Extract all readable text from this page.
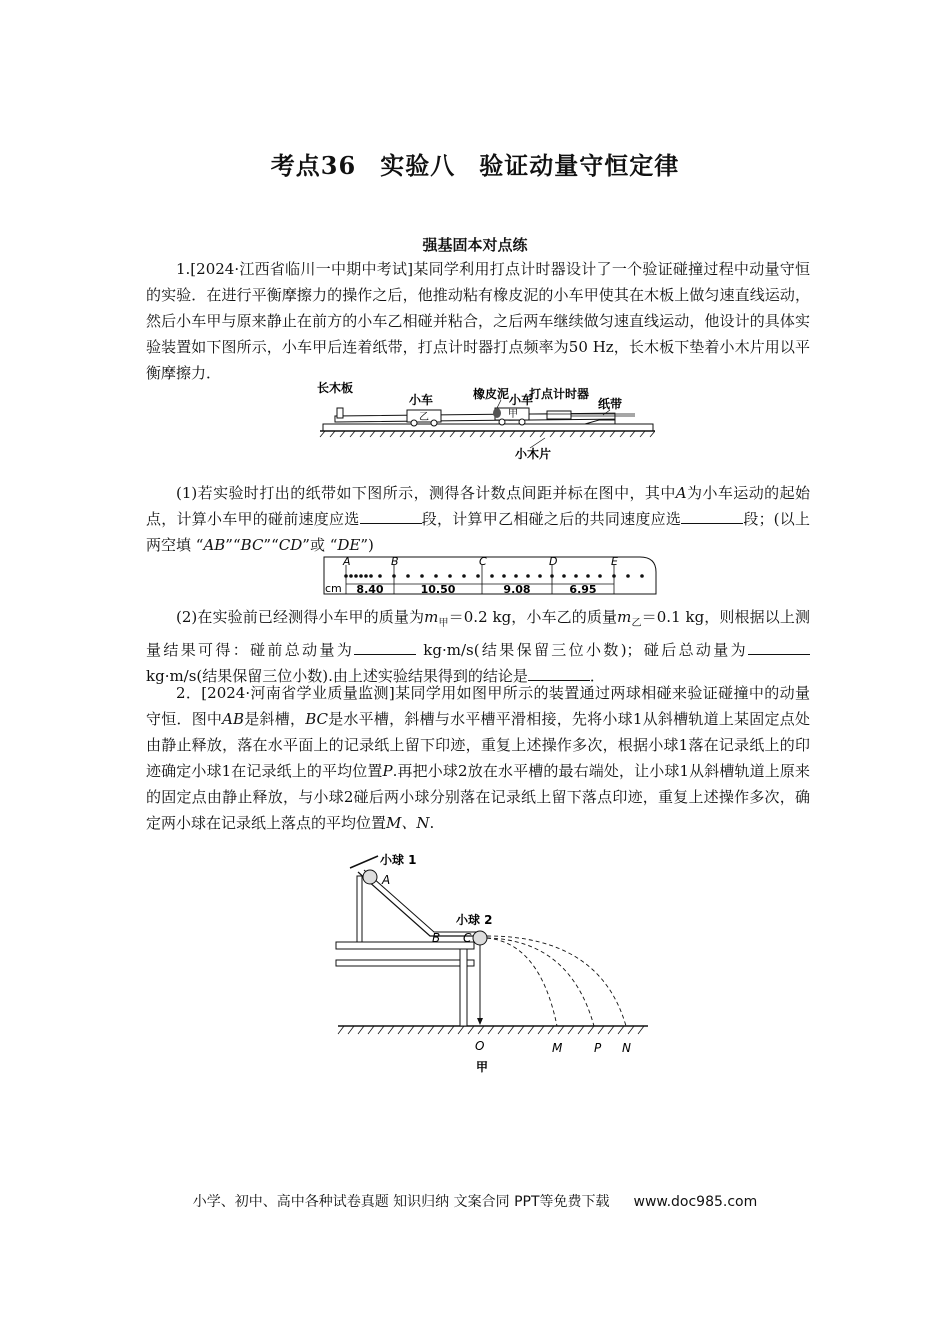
考点36 实验八 验证动量守恒定律
强基固本对点练
1.[2024·江西省临川一中期中考试]某同学利用打点计时器设计了一个验证碰撞过程中动量守恒的实验．在进行平衡摩擦力的操作之后，他推动粘有橡皮泥的小车甲使其在木板上做匀速直线运动，然后小车甲与原来静止在前方的小车乙相碰并粘合，之后两车继续做匀速直线运动，他设计的具体实验装置如下图所示，小车甲后连着纸带，打点计时器打点频率为50 Hz，长木板下垫着小木片用以平衡摩擦力．
乙	甲
长木板
小车	橡皮泥 小车
打点计时器
纸带
小木片
(1)若实验时打出的纸带如下图所示，测得各计数点间距并标在图中，其中A为小车运动的起始点，计算小车甲的碰前速度应选	段，计算甲乙相碰之后的共同速度应选	段；(以上两空填 “AB”“BC”“CD”或 “DE”)
cm
A	B	C	D	E
8.40	10.50	9.08	6.95
(2)在实验前已经测得小车甲的质量为$m_甲=0.2$ kg，小车乙的质量$m_乙=0.1$ kg，则根据以上测量结果可得：碰前总动量为	kg·m/s(结果保留三位小数)；碰后总动量为 kg·m/s(结果保留三位小数).由上述实验结果得到的结论是	．
2．[2024·河南省学业质量监测]某同学用如图甲所示的装置通过两球相碰来验证碰撞中的动量守恒．图中AB是斜槽，BC是水平槽，斜槽与水平槽平滑相接，先将小球1从斜槽轨道上某固定点处由静止释放，落在水平面上的记录纸上留下印迹，重复上述操作多次，根据小球1落在记录纸上的印迹确定小球1在记录纸上的平均位置P.再把小球2放在水平槽的最右端处，让小球1从斜槽轨道上原来的固定点由静止释放，与小球2碰后两小球分别落在记录纸上留下落点印迹，重复上述操作多次，确定两小球在记录纸上落点的平均位置M、N.
小球 1
A
B
小球 2
C
O	M	P N
甲
小学、初中、高中各种试卷真题 知识归纳 文案合同 PPT等免费下载 www.doc985.com
